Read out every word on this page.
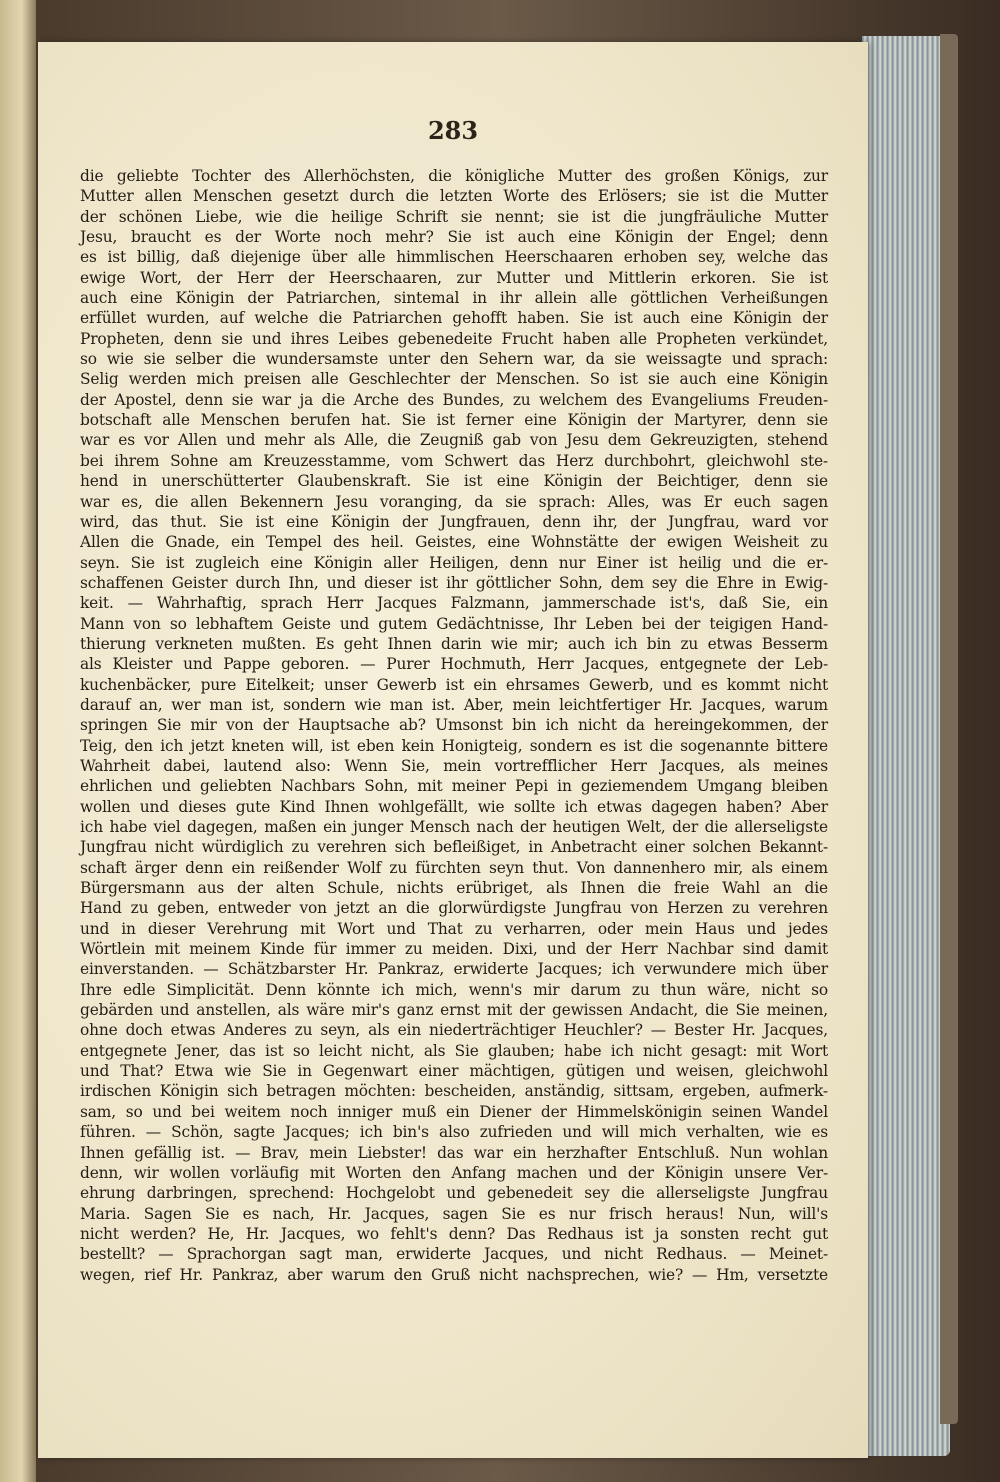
283
die geliebte Tochter des Allerhöchsten, die königliche Mutter des großen Königs, zur
Mutter allen Menschen gesetzt durch die letzten Worte des Erlösers; sie ist die Mutter
der schönen Liebe, wie die heilige Schrift sie nennt; sie ist die jungfräuliche Mutter
Jesu, braucht es der Worte noch mehr? Sie ist auch eine Königin der Engel; denn
es ist billig, daß diejenige über alle himmlischen Heerschaaren erhoben sey, welche das
ewige Wort, der Herr der Heerschaaren, zur Mutter und Mittlerin erkoren. Sie ist
auch eine Königin der Patriarchen, sintemal in ihr allein alle göttlichen Verheißungen
erfüllet wurden, auf welche die Patriarchen gehofft haben. Sie ist auch eine Königin der
Propheten, denn sie und ihres Leibes gebenedeite Frucht haben alle Propheten verkündet,
so wie sie selber die wundersamste unter den Sehern war, da sie weissagte und sprach:
Selig werden mich preisen alle Geschlechter der Menschen. So ist sie auch eine Königin
der Apostel, denn sie war ja die Arche des Bundes, zu welchem des Evangeliums Freuden-
botschaft alle Menschen berufen hat. Sie ist ferner eine Königin der Martyrer, denn sie
war es vor Allen und mehr als Alle, die Zeugniß gab von Jesu dem Gekreuzigten, stehend
bei ihrem Sohne am Kreuzesstamme, vom Schwert das Herz durchbohrt, gleichwohl ste-
hend in unerschütterter Glaubenskraft. Sie ist eine Königin der Beichtiger, denn sie
war es, die allen Bekennern Jesu voranging, da sie sprach: Alles, was Er euch sagen
wird, das thut. Sie ist eine Königin der Jungfrauen, denn ihr, der Jungfrau, ward vor
Allen die Gnade, ein Tempel des heil. Geistes, eine Wohnstätte der ewigen Weisheit zu
seyn. Sie ist zugleich eine Königin aller Heiligen, denn nur Einer ist heilig und die er-
schaffenen Geister durch Ihn, und dieser ist ihr göttlicher Sohn, dem sey die Ehre in Ewig-
keit. — Wahrhaftig, sprach Herr Jacques Falzmann, jammerschade ist's, daß Sie, ein
Mann von so lebhaftem Geiste und gutem Gedächtnisse, Ihr Leben bei der teigigen Hand-
thierung verkneten mußten. Es geht Ihnen darin wie mir; auch ich bin zu etwas Besserm
als Kleister und Pappe geboren. — Purer Hochmuth, Herr Jacques, entgegnete der Leb-
kuchenbäcker, pure Eitelkeit; unser Gewerb ist ein ehrsames Gewerb, und es kommt nicht
darauf an, wer man ist, sondern wie man ist. Aber, mein leichtfertiger Hr. Jacques, warum
springen Sie mir von der Hauptsache ab? Umsonst bin ich nicht da hereingekommen, der
Teig, den ich jetzt kneten will, ist eben kein Honigteig, sondern es ist die sogenannte bittere
Wahrheit dabei, lautend also: Wenn Sie, mein vortrefflicher Herr Jacques, als meines
ehrlichen und geliebten Nachbars Sohn, mit meiner Pepi in geziemendem Umgang bleiben
wollen und dieses gute Kind Ihnen wohlgefällt, wie sollte ich etwas dagegen haben? Aber
ich habe viel dagegen, maßen ein junger Mensch nach der heutigen Welt, der die allerseligste
Jungfrau nicht würdiglich zu verehren sich befleißiget, in Anbetracht einer solchen Bekannt-
schaft ärger denn ein reißender Wolf zu fürchten seyn thut. Von dannenhero mir, als einem
Bürgersmann aus der alten Schule, nichts erübriget, als Ihnen die freie Wahl an die
Hand zu geben, entweder von jetzt an die glorwürdigste Jungfrau von Herzen zu verehren
und in dieser Verehrung mit Wort und That zu verharren, oder mein Haus und jedes
Wörtlein mit meinem Kinde für immer zu meiden. Dixi, und der Herr Nachbar sind damit
einverstanden. — Schätzbarster Hr. Pankraz, erwiderte Jacques; ich verwundere mich über
Ihre edle Simplicität. Denn könnte ich mich, wenn's mir darum zu thun wäre, nicht so
gebärden und anstellen, als wäre mir's ganz ernst mit der gewissen Andacht, die Sie meinen,
ohne doch etwas Anderes zu seyn, als ein niederträchtiger Heuchler? — Bester Hr. Jacques,
entgegnete Jener, das ist so leicht nicht, als Sie glauben; habe ich nicht gesagt: mit Wort
und That? Etwa wie Sie in Gegenwart einer mächtigen, gütigen und weisen, gleichwohl
irdischen Königin sich betragen möchten: bescheiden, anständig, sittsam, ergeben, aufmerk-
sam, so und bei weitem noch inniger muß ein Diener der Himmelskönigin seinen Wandel
führen. — Schön, sagte Jacques; ich bin's also zufrieden und will mich verhalten, wie es
Ihnen gefällig ist. — Brav, mein Liebster! das war ein herzhafter Entschluß. Nun wohlan
denn, wir wollen vorläufig mit Worten den Anfang machen und der Königin unsere Ver-
ehrung darbringen, sprechend: Hochgelobt und gebenedeit sey die allerseligste Jungfrau
Maria. Sagen Sie es nach, Hr. Jacques, sagen Sie es nur frisch heraus! Nun, will's
nicht werden? He, Hr. Jacques, wo fehlt's denn? Das Redhaus ist ja sonsten recht gut
bestellt? — Sprachorgan sagt man, erwiderte Jacques, und nicht Redhaus. — Meinet-
wegen, rief Hr. Pankraz, aber warum den Gruß nicht nachsprechen, wie? — Hm, versetzte
